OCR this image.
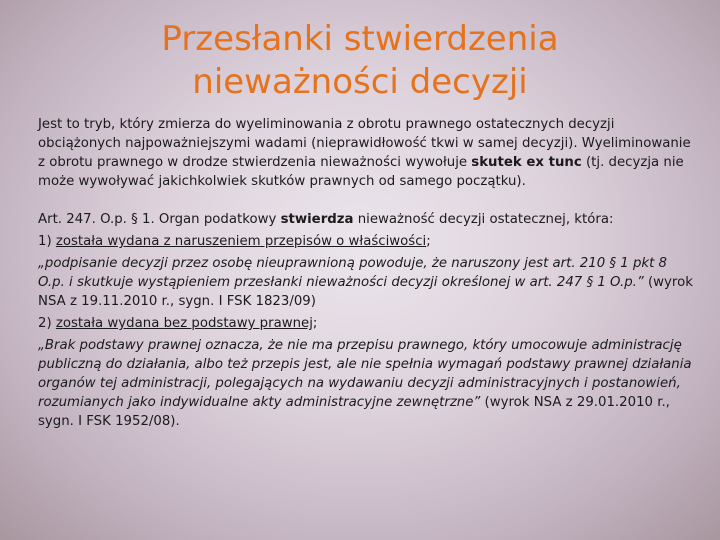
Przesłanki stwierdzenia
nieważności decyzji

Jest to tryb, który zmierza do wyeliminowania z obrotu prawnego ostatecznych decyzji obciążonych najpoważniejszymi wadami (nieprawidłowość tkwi w samej decyzji). Wyeliminowanie z obrotu prawnego w drodze stwierdzenia nieważności wywołuje skutek ex tunc (tj. decyzja nie może wywoływać jakichkolwiek skutków prawnych od samego początku).

Art. 247. O.p. § 1. Organ podatkowy stwierdza nieważność decyzji ostatecznej, która:

1) została wydana z naruszeniem przepisów o właściwości;

„podpisanie decyzji przez osobę nieuprawnioną powoduje, że naruszony jest art. 210 § 1 pkt 8 O.p. i skutkuje wystąpieniem przesłanki nieważności decyzji określonej w art. 247 § 1 O.p.” (wyrok NSA z 19.11.2010 r., sygn. I FSK 1823/09)

2) została wydana bez podstawy prawnej;

„Brak podstawy prawnej oznacza, że nie ma przepisu prawnego, który umocowuje administrację publiczną do działania, albo też przepis jest, ale nie spełnia wymagań podstawy prawnej działania organów tej administracji, polegających na wydawaniu decyzji administracyjnych i postanowień, rozumianych jako indywidualne akty administracyjne zewnętrzne” (wyrok NSA z 29.01.2010 r., sygn. I FSK 1952/08).
